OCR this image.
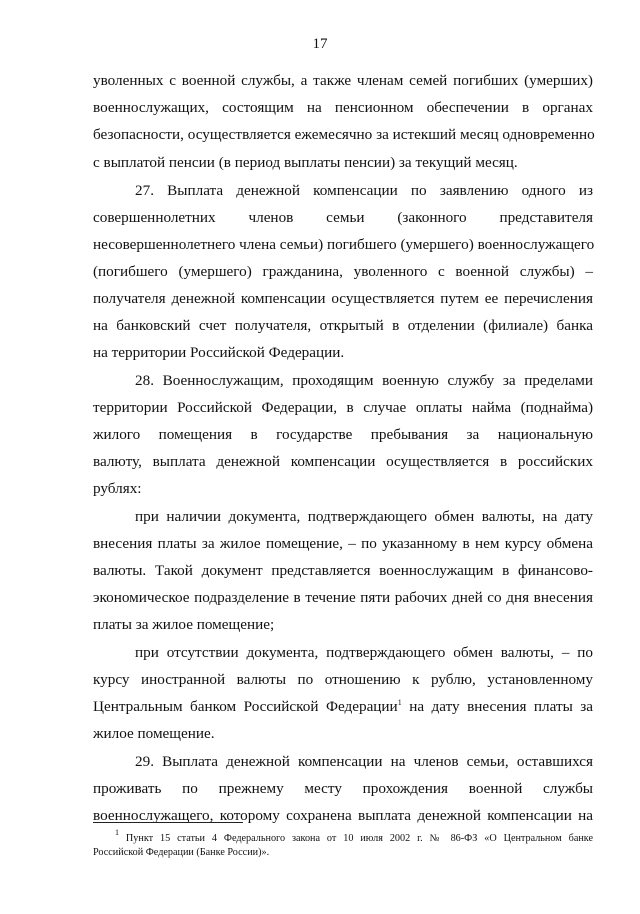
17
уволенных с военной службы, а также членам семей погибших (умерших)
военнослужащих, состоящим на пенсионном обеспечении в органах
безопасности, осуществляется ежемесячно за истекший месяц одновременно
с выплатой пенсии (в период выплаты пенсии) за текущий месяц.
27. Выплата денежной компенсации по заявлению одного из
совершеннолетних членов семьи (законного представителя
несовершеннолетнего члена семьи) погибшего (умершего) военнослужащего
(погибшего (умершего) гражданина, уволенного с военной службы) –
получателя денежной компенсации осуществляется путем ее перечисления
на банковский счет получателя, открытый в отделении (филиале) банка
на территории Российской Федерации.
28. Военнослужащим, проходящим военную службу за пределами
территории Российской Федерации, в случае оплаты найма (поднайма)
жилого помещения в государстве пребывания за национальную
валюту, выплата денежной компенсации осуществляется в российских
рублях:
при наличии документа, подтверждающего обмен валюты, на дату
внесения платы за жилое помещение, – по указанному в нем курсу обмена
валюты. Такой документ представляется военнослужащим в финансово-
экономическое подразделение в течение пяти рабочих дней со дня внесения
платы за жилое помещение;
при отсутствии документа, подтверждающего обмен валюты, – по
курсу иностранной валюты по отношению к рублю, установленному
Центральным банком Российской Федерации$^1$ на дату внесения платы за
жилое помещение.
29. Выплата денежной компенсации на членов семьи, оставшихся
проживать по прежнему месту прохождения военной службы
военнослужащего, которому сохранена выплата денежной компенсации на
$^1$ Пункт 15 статьи 4 Федерального закона от 10 июля 2002 г. № 86-ФЗ «О Центральном банке
Российской Федерации (Банке России)».
